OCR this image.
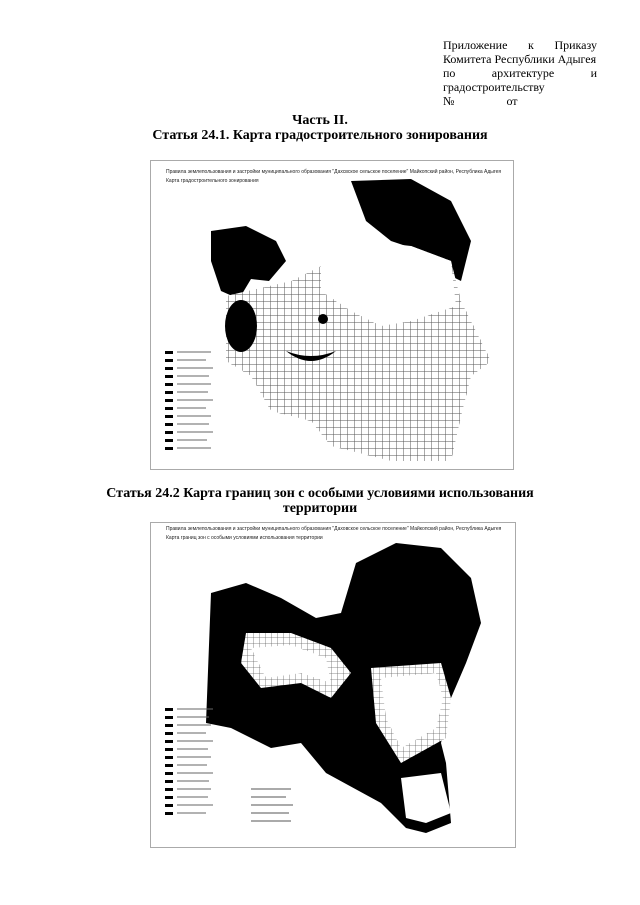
Приложение к Приказу
Комитета Республики Адыгея
по	архитектуре	и
градостроительству
№	от
Часть II.
Статья 24.1. Карта градостроительного зонирования
Правила землепользования и застройки муниципального образования "Дахсвское сельское поселение" Майкопский район, Республика Адыгея
Карта градостроительного зонирования
Статья 24.2 Карта границ зон с особыми условиями использования
территории
Правила землепользования и застройки муниципального образования "Даховское сельское поселение" Майкопский район, Республика Адыгея
Карта границ зон с особыми условиями использования территории
